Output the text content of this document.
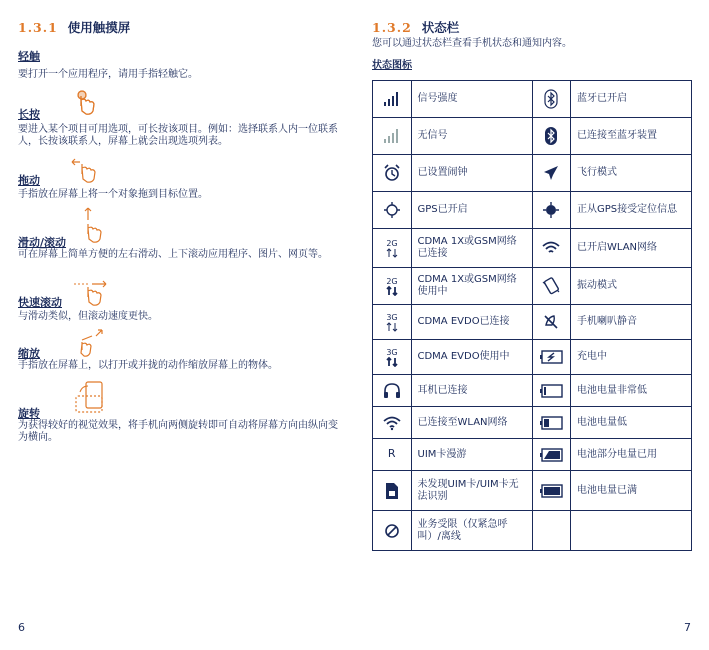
1.3.1 使用触摸屏
轻触
要打开一个应用程序，请用手指轻触它。
长按
要进入某个项目可用选项，可长按该项目。例如：选择联系人内一位联系人，长按该联系人，屏幕上就会出现选项列表。
拖动
手指放在屏幕上将一个对象拖到目标位置。
滑动/滚动
可在屏幕上简单方便的左右滑动、上下滚动应用程序、图片、网页等。
快速滚动
与滑动类似，但滚动速度更快。
缩放
手指放在屏幕上，以打开或并拢的动作缩放屏幕上的物体。
旋转
为获得较好的视觉效果，将手机向两侧旋转即可自动将屏幕方向由纵向变为横向。
6
1.3.2 状态栏
您可以通过状态栏查看手机状态和通知内容。
状态图标
	信号强度		蓝牙已开启

	无信号		已连接至蓝牙装置

	已设置闹钟		飞行模式

	GPS已开启		正从GPS接受定位信息

2G	CDMA 1X或GSM网络已连接		已开启WLAN网络

2G	CDMA 1X或GSM网络使用中		振动模式

3G	CDMA EVDO已连接		手机喇叭静音

3G	CDMA EVDO使用中		充电中

	耳机已连接		电池电量非常低

	已连接至WLAN网络		电池电量低
R	UIM卡漫游		电池部分电量已用

	未发现UIM卡/UIM卡无法识别		电池电量已满

	业务受限（仅紧急呼叫）/离线		
7
